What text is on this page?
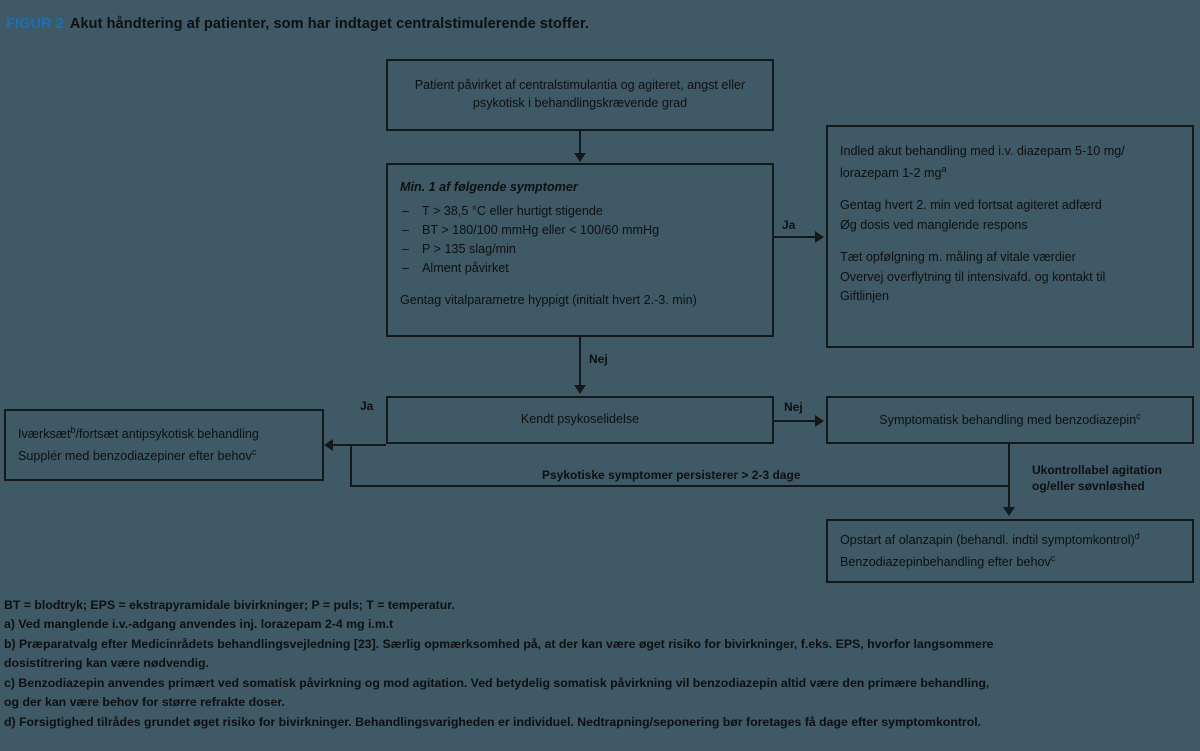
FIGUR 2 Akut håndtering af patienter, som har indtaget centralstimulerende stoffer.
Patient påvirket af centralstimulantia og agiteret, angst eller psykotisk i behandlingskrævende grad

Min. 1 af følgende symptomer

– T > 38,5 °C eller hurtigt stigende
– BT > 180/100 mmHg eller < 100/60 mmHg
– P > 135 slag/min
– Alment påvirket

Gentag vitalparametre hyppigt (initialt hvert 2.-3. min)

Indled akut behandling med i.v. diazepam 5-10 mg/

lorazepam 1-2 $mg^a$

Gentag hvert 2. min ved fortsat agiteret adfærd

Øg dosis ved manglende respons

Tæt opfølgning m. måling af vitale værdier

Overvej overflytning til intensivafd. og kontakt til

Giftlinjen

Kendt psykoselidelse

Iværksæt$^b$/fortsæt antipsykotisk behandling

Supplér med benzodiazepiner efter behov$^c$

Symptomatisk behandling med benzodiazepin$^c$

Opstart af olanzapin (behandl. indtil symptomkontrol)$^d$

Benzodiazepinbehandling efter behov$^c$

Ja
Nej
Ja	Nej
Psykotiske symptomer persisterer > 2-3 dage	Ukontrollabel agitation
og/eller søvnløshed
BT = blodtryk; EPS = ekstrapyramidale bivirkninger; P = puls; T = temperatur.
a) Ved manglende i.v.-adgang anvendes inj. lorazepam 2-4 mg i.m.t
b) Præparatvalg efter Medicinrådets behandlingsvejledning [23]. Særlig opmærksomhed på, at der kan være øget risiko for bivirkninger, f.eks. EPS, hvorfor langsommere
dosistitrering kan være nødvendig.
c) Benzodiazepin anvendes primært ved somatisk påvirkning og mod agitation. Ved betydelig somatisk påvirkning vil benzodiazepin altid være den primære behandling,
og der kan være behov for større refrakte doser.
d) Forsigtighed tilrådes grundet øget risiko for bivirkninger. Behandlingsvarigheden er individuel. Nedtrapning/seponering bør foretages få dage efter symptomkontrol.
